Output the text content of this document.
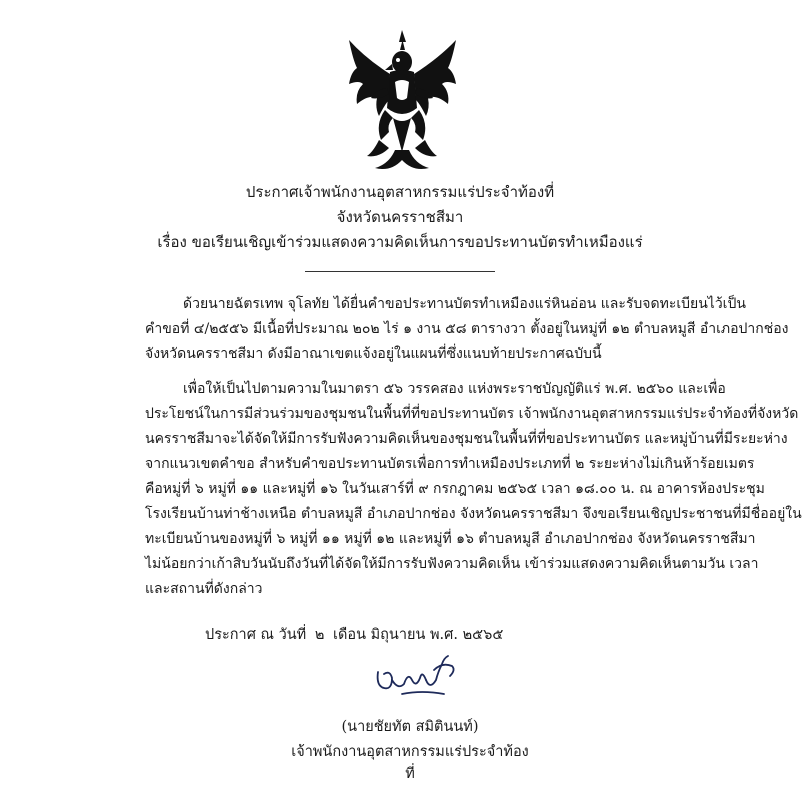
ประกาศเจ้าพนักงานอุตสาหกรรมแร่ประจำท้องที่
จังหวัดนครราชสีมา
เรื่อง ขอเรียนเชิญเข้าร่วมแสดงความคิดเห็นการขอประทานบัตรทำเหมืองแร่
ด้วยนายฉัตรเทพ จุโลทัย ได้ยื่นคำขอประทานบัตรทำเหมืองแร่หินอ่อน และรับจดทะเบียนไว้เป็น
คำขอที่ ๔/๒๕๕๖ มีเนื้อที่ประมาณ ๒๐๒ ไร่ ๑ งาน ๕๘ ตารางวา ตั้งอยู่ในหมู่ที่ ๑๒ ตำบลหมูสี อำเภอปากช่อง
จังหวัดนครราชสีมา ดังมีอาณาเขตแจ้งอยู่ในแผนที่ซึ่งแนบท้ายประกาศฉบับนี้
เพื่อให้เป็นไปตามความในมาตรา ๕๖ วรรคสอง แห่งพระราชบัญญัติแร่ พ.ศ. ๒๕๖๐ และเพื่อ
ประโยชน์ในการมีส่วนร่วมของชุมชนในพื้นที่ที่ขอประทานบัตร เจ้าพนักงานอุตสาหกรรมแร่ประจำท้องที่จังหวัด
นครราชสีมาจะได้จัดให้มีการรับฟังความคิดเห็นของชุมชนในพื้นที่ที่ขอประทานบัตร และหมู่บ้านที่มีระยะห่าง
จากแนวเขตคำขอ สำหรับคำขอประทานบัตรเพื่อการทำเหมืองประเภทที่ ๒ ระยะห่างไม่เกินห้าร้อยเมตร
คือหมู่ที่ ๖ หมู่ที่ ๑๑ และหมู่ที่ ๑๖ ในวันเสาร์ที่ ๙ กรกฎาคม ๒๕๖๕ เวลา ๑๘.๐๐ น. ณ อาคารห้องประชุม
โรงเรียนบ้านท่าช้างเหนือ ตำบลหมูสี อำเภอปากช่อง จังหวัดนครราชสีมา จึงขอเรียนเชิญประชาชนที่มีชื่ออยู่ใน
ทะเบียนบ้านของหมู่ที่ ๖ หมู่ที่ ๑๑ หมู่ที่ ๑๒ และหมู่ที่ ๑๖ ตำบลหมูสี อำเภอปากช่อง จังหวัดนครราชสีมา
ไม่น้อยกว่าเก้าสิบวันนับถึงวันที่ได้จัดให้มีการรับฟังความคิดเห็น เข้าร่วมแสดงความคิดเห็นตามวัน เวลา
และสถานที่ดังกล่าว
ประกาศ ณ วันที่ ๒ เดือน มิถุนายน พ.ศ. ๒๕๖๕
(นายชัยทัต สมิตินนท์)
เจ้าพนักงานอุตสาหกรรมแร่ประจำท้องที่
